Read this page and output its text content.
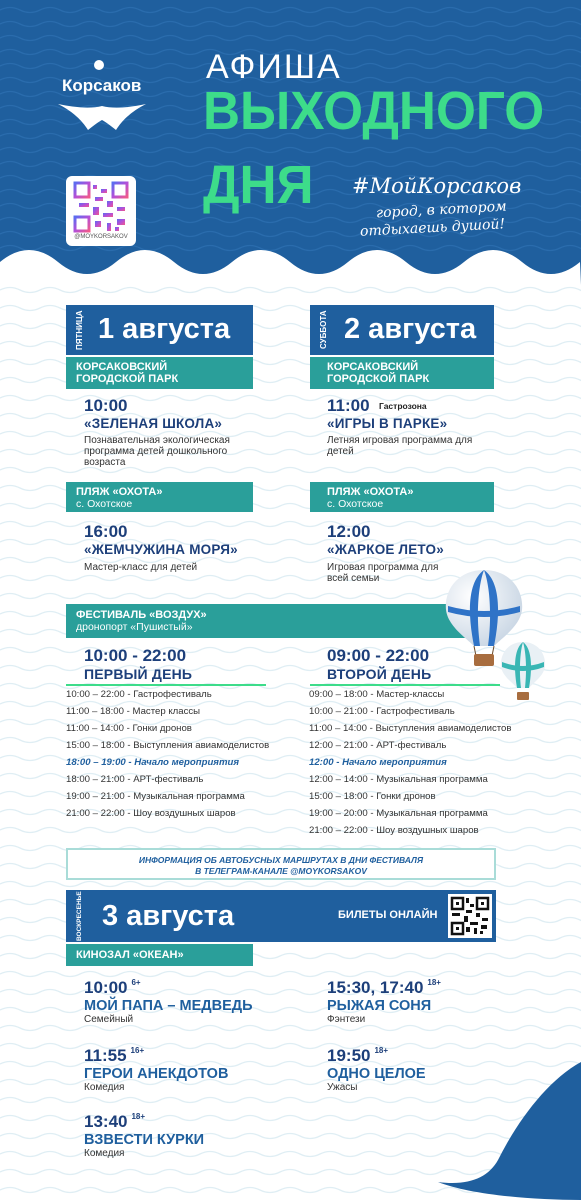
Корсаков
@MOYKORSAKOV
АФИША
ВЫХОДНОГО
ДНЯ #МойКорсаков
город, в котором
отдыхаешь душой!
ПЯТНИЦА 1 августа
КОРСАКОВСКИЙ ГОРОДСКОЙ ПАРК
10:00
«ЗЕЛЕНАЯ ШКОЛА»
Познавательная экологическая программа детей дошкольного возраста
ПЛЯЖ «ОХОТА»
с. Охотское
16:00
«ЖЕМЧУЖИНА МОРЯ»
Мастер-класс для детей
СУББОТА 2 августа
КОРСАКОВСКИЙ ГОРОДСКОЙ ПАРК
11:00 Гастрозона
«ИГРЫ В ПАРКЕ»
Летняя игровая программа для детей
ПЛЯЖ «ОХОТА»
с. Охотское
12:00
«ЖАРКОЕ ЛЕТО»
Игровая программа для всей семьи
ФЕСТИВАЛЬ «ВОЗДУХ»
дронопорт «Пушистый»
10:00 - 22:00
ПЕРВЫЙ ДЕНЬ
10:00 – 22:00 - Гастрофестиваль
11:00 – 18:00 - Мастер классы
11:00 – 14:00 - Гонки дронов
15:00 – 18:00 - Выступления авиамоделистов
18:00 – 19:00 - Начало мероприятия
18:00 – 21:00 - АРТ-фестиваль
19:00 – 21:00 - Музыкальная программа
21:00 – 22:00 - Шоу воздушных шаров
09:00 - 22:00
ВТОРОЙ ДЕНЬ
09:00 – 18:00 - Мастер-классы
10:00 – 21:00 - Гастрофестиваль
11:00 – 14:00 - Выступления авиамоделистов
12:00 – 21:00 - АРТ-фестиваль
12:00 - Начало мероприятия
12:00 – 14:00 - Музыкальная программа
15:00 – 18:00 - Гонки дронов
19:00 – 20:00 - Музыкальная программа
21:00 – 22:00 - Шоу воздушных шаров
ИНФОРМАЦИЯ ОБ АВТОБУСНЫХ МАРШРУТАХ В ДНИ ФЕСТИВАЛЯ
В ТЕЛЕГРАМ-КАНАЛЕ @MOYKORSAKOV
ВОСКРЕСЕНЬЕ 3 августа	БИЛЕТЫ ОНЛАЙН
КИНОЗАЛ «ОКЕАН»
10:00 $^{6+}$
МОЙ ПАПА – МЕДВЕДЬ
Семейный
11:55 $^{16+}$
ГЕРОИ АНЕКДОТОВ
Комедия
13:40 $^{18+}$
ВЗВЕСТИ КУРКИ
Комедия
15:30, 17:40 $^{18+}$
РЫЖАЯ СОНЯ
Фэнтези
19:50 $^{18+}$
ОДНО ЦЕЛОЕ
Ужасы
